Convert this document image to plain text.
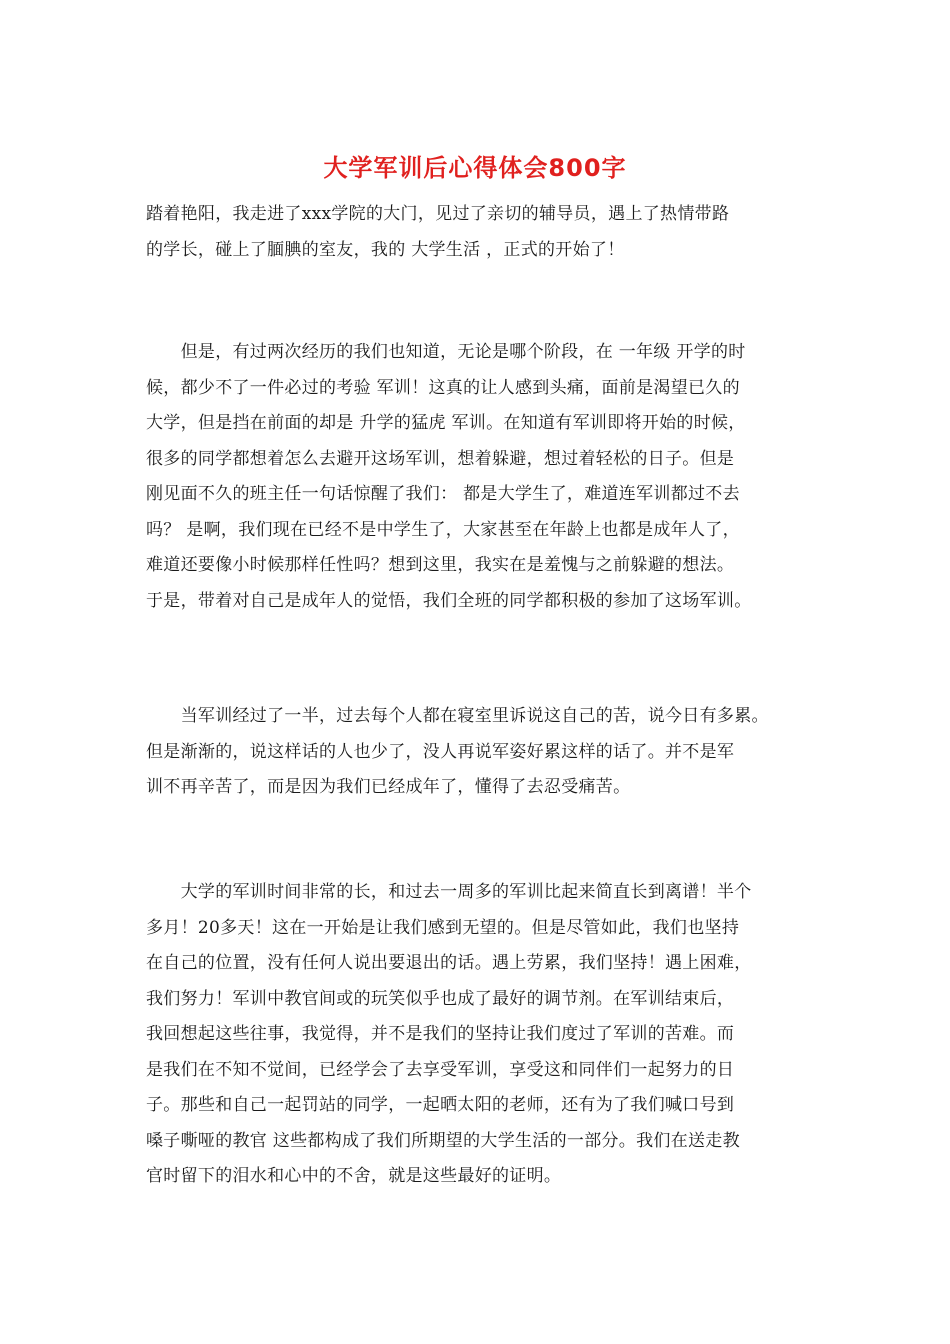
大学军训后心得体会800字
踏着艳阳，我走进了xxx学院的大门，见过了亲切的辅导员，遇上了热情带路
的学长，碰上了腼腆的室友，我的 大学生活 ，正式的开始了！
　　但是，有过两次经历的我们也知道，无论是哪个阶段，在 一年级 开学的时
候，都少不了一件必过的考验 军训！这真的让人感到头痛，面前是渴望已久的
大学，但是挡在前面的却是 升学的猛虎 军训。在知道有军训即将开始的时候，
很多的同学都想着怎么去避开这场军训，想着躲避，想过着轻松的日子。但是
刚见面不久的班主任一句话惊醒了我们： 都是大学生了，难道连军训都过不去
吗？ 是啊，我们现在已经不是中学生了，大家甚至在年龄上也都是成年人了，
难道还要像小时候那样任性吗？想到这里，我实在是羞愧与之前躲避的想法。
于是，带着对自己是成年人的觉悟，我们全班的同学都积极的参加了这场军训。
　　当军训经过了一半，过去每个人都在寝室里诉说这自己的苦，说今日有多累。
但是渐渐的，说这样话的人也少了，没人再说军姿好累这样的话了。并不是军
训不再辛苦了，而是因为我们已经成年了，懂得了去忍受痛苦。
　　大学的军训时间非常的长，和过去一周多的军训比起来简直长到离谱！半个
多月！20多天！这在一开始是让我们感到无望的。但是尽管如此，我们也坚持
在自己的位置，没有任何人说出要退出的话。遇上劳累，我们坚持！遇上困难，
我们努力！军训中教官间或的玩笑似乎也成了最好的调节剂。在军训结束后，
我回想起这些往事，我觉得，并不是我们的坚持让我们度过了军训的苦难。而
是我们在不知不觉间，已经学会了去享受军训，享受这和同伴们一起努力的日
子。那些和自己一起罚站的同学，一起晒太阳的老师，还有为了我们喊口号到
嗓子嘶哑的教官 这些都构成了我们所期望的大学生活的一部分。我们在送走教
官时留下的泪水和心中的不舍，就是这些最好的证明。
